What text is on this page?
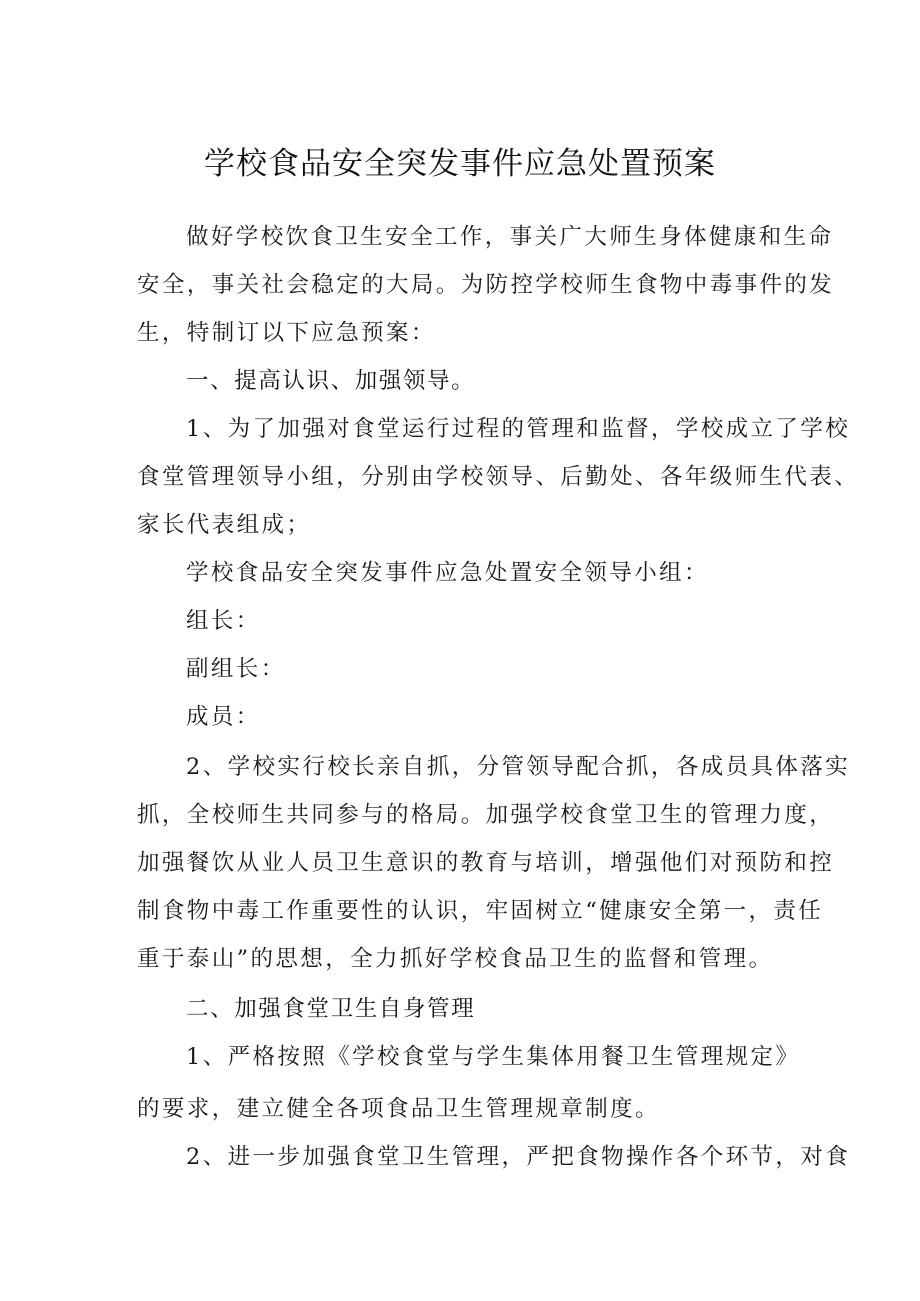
学校食品安全突发事件应急处置预案
做好学校饮食卫生安全工作，事关广大师生身体健康和生命
安全，事关社会稳定的大局。为防控学校师生食物中毒事件的发
生，特制订以下应急预案：
一、提高认识、加强领导。
1、为了加强对食堂运行过程的管理和监督，学校成立了学校
食堂管理领导小组，分别由学校领导、后勤处、各年级师生代表、
家长代表组成；
学校食品安全突发事件应急处置安全领导小组：
组长：
副组长：
成员：
2、学校实行校长亲自抓，分管领导配合抓，各成员具体落实
抓，全校师生共同参与的格局。加强学校食堂卫生的管理力度，
加强餐饮从业人员卫生意识的教育与培训，增强他们对预防和控
制食物中毒工作重要性的认识，牢固树立“健康安全第一，责任
重于泰山”的思想，全力抓好学校食品卫生的监督和管理。
二、加强食堂卫生自身管理
1、严格按照《学校食堂与学生集体用餐卫生管理规定》
的要求，建立健全各项食品卫生管理规章制度。
2、进一步加强食堂卫生管理，严把食物操作各个环节，对食
